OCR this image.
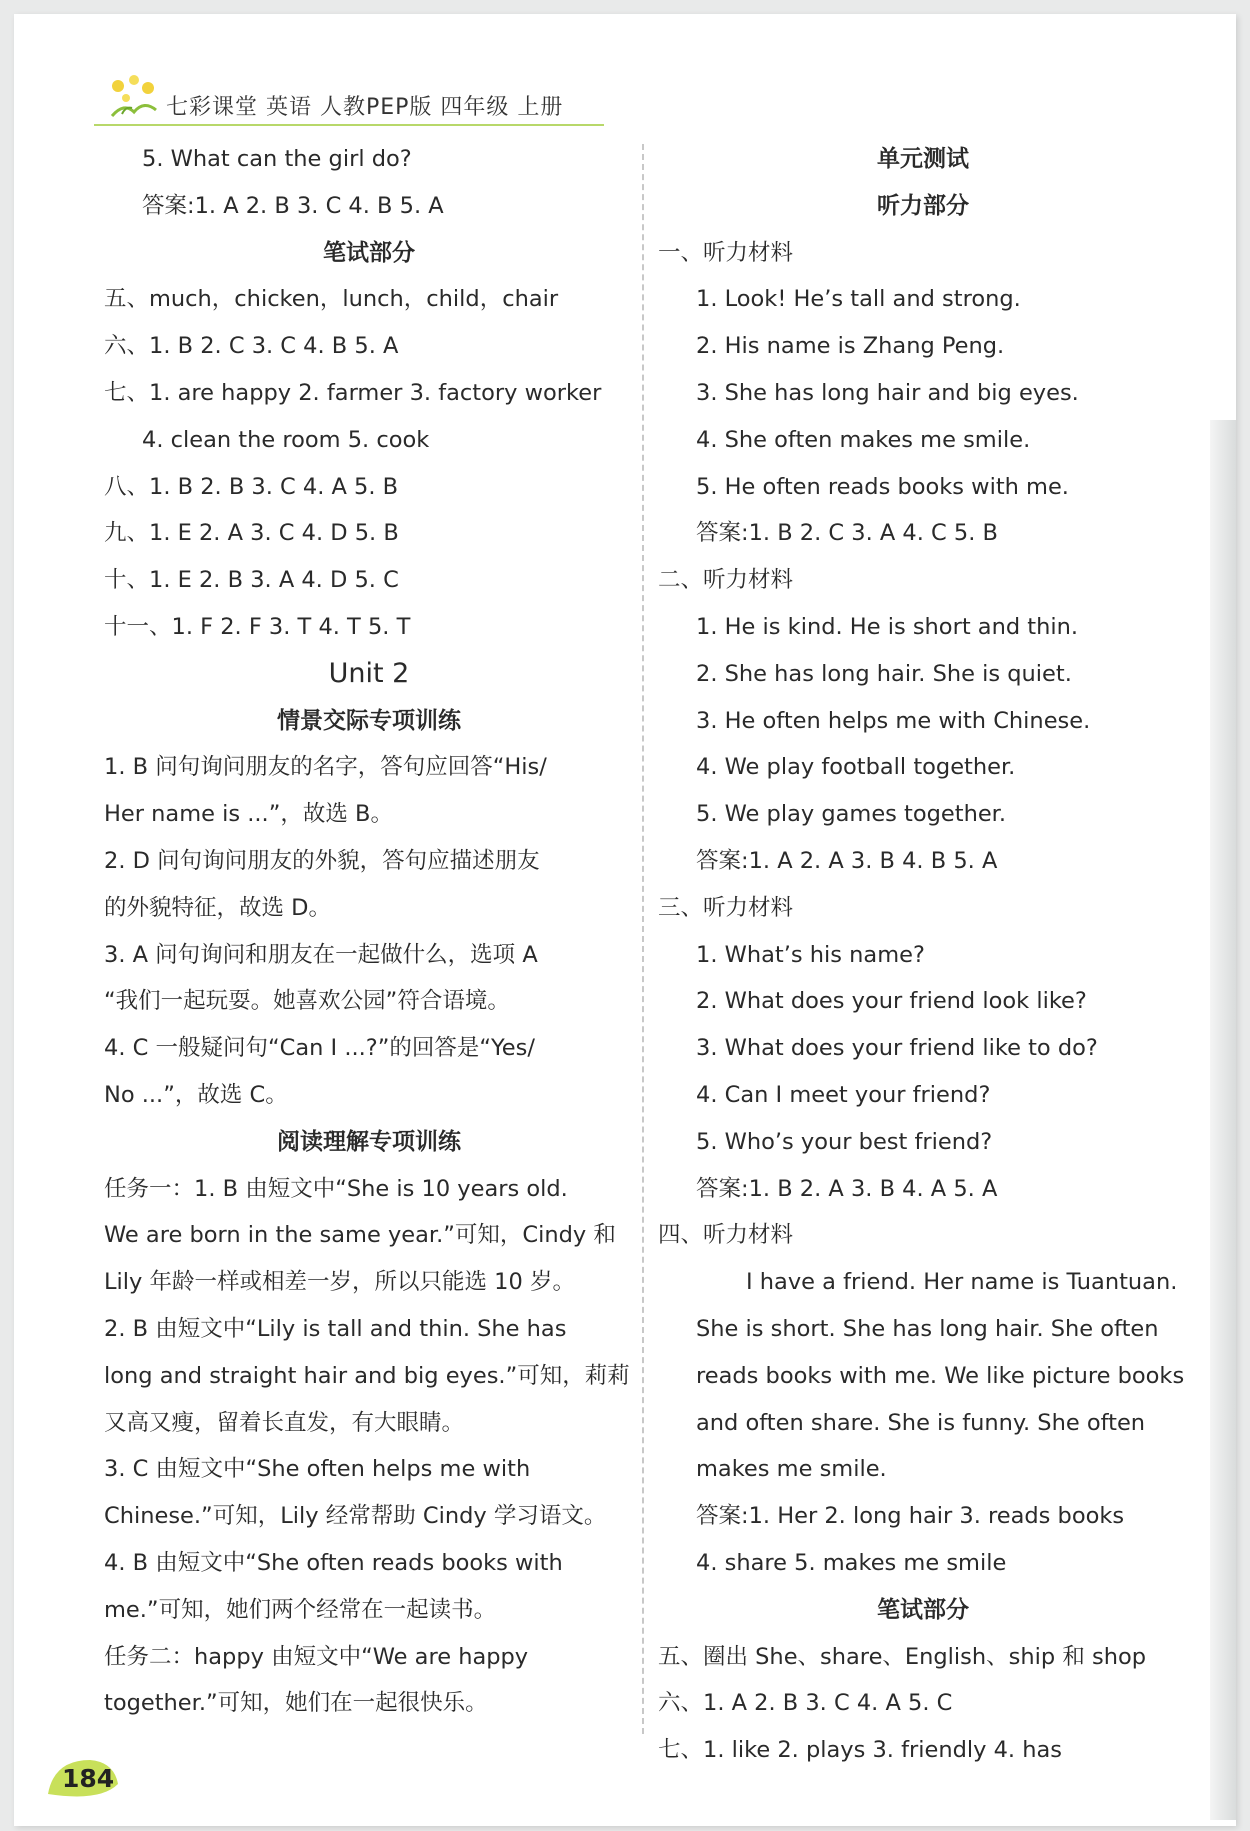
七彩课堂 英语 人教PEP版 四年级 上册
5. What can the girl do?
答案:1. A 2. B 3. C 4. B 5. A
笔试部分
五、much，chicken，lunch，child，chair
六、1. B 2. C 3. C 4. B 5. A
七、1. are happy 2. farmer 3. factory worker
4. clean the room 5. cook
八、1. B 2. B 3. C 4. A 5. B
九、1. E 2. A 3. C 4. D 5. B
十、1. E 2. B 3. A 4. D 5. C
十一、1. F 2. F 3. T 4. T 5. T
Unit 2
情景交际专项训练
1. B 问句询问朋友的名字，答句应回答“His/
Her name is ...”，故选 B。
2. D 问句询问朋友的外貌，答句应描述朋友
的外貌特征，故选 D。
3. A 问句询问和朋友在一起做什么，选项 A
“我们一起玩耍。她喜欢公园”符合语境。
4. C 一般疑问句“Can I ...?”的回答是“Yes/
No ...”，故选 C。
阅读理解专项训练
任务一：1. B 由短文中“She is 10 years old.
We are born in the same year.”可知，Cindy 和
Lily 年龄一样或相差一岁，所以只能选 10 岁。
2. B 由短文中“Lily is tall and thin. She has
long and straight hair and big eyes.”可知，莉莉
又高又瘦，留着长直发，有大眼睛。
3. C 由短文中“She often helps me with
Chinese.”可知，Lily 经常帮助 Cindy 学习语文。
4. B 由短文中“She often reads books with
me.”可知，她们两个经常在一起读书。
任务二：happy 由短文中“We are happy
together.”可知，她们在一起很快乐。
单元测试
听力部分
一、听力材料
1. Look! He’s tall and strong.
2. His name is Zhang Peng.
3. She has long hair and big eyes.
4. She often makes me smile.
5. He often reads books with me.
答案:1. B 2. C 3. A 4. C 5. B
二、听力材料
1. He is kind. He is short and thin.
2. She has long hair. She is quiet.
3. He often helps me with Chinese.
4. We play football together.
5. We play games together.
答案:1. A 2. A 3. B 4. B 5. A
三、听力材料
1. What’s his name?
2. What does your friend look like?
3. What does your friend like to do?
4. Can I meet your friend?
5. Who’s your best friend?
答案:1. B 2. A 3. B 4. A 5. A
四、听力材料
I have a friend. Her name is Tuantuan.
She is short. She has long hair. She often
reads books with me. We like picture books
and often share. She is funny. She often
makes me smile.
答案:1. Her 2. long hair 3. reads books
4. share 5. makes me smile
笔试部分
五、圈出 She、share、English、ship 和 shop
六、1. A 2. B 3. C 4. A 5. C
七、1. like 2. plays 3. friendly 4. has
184
